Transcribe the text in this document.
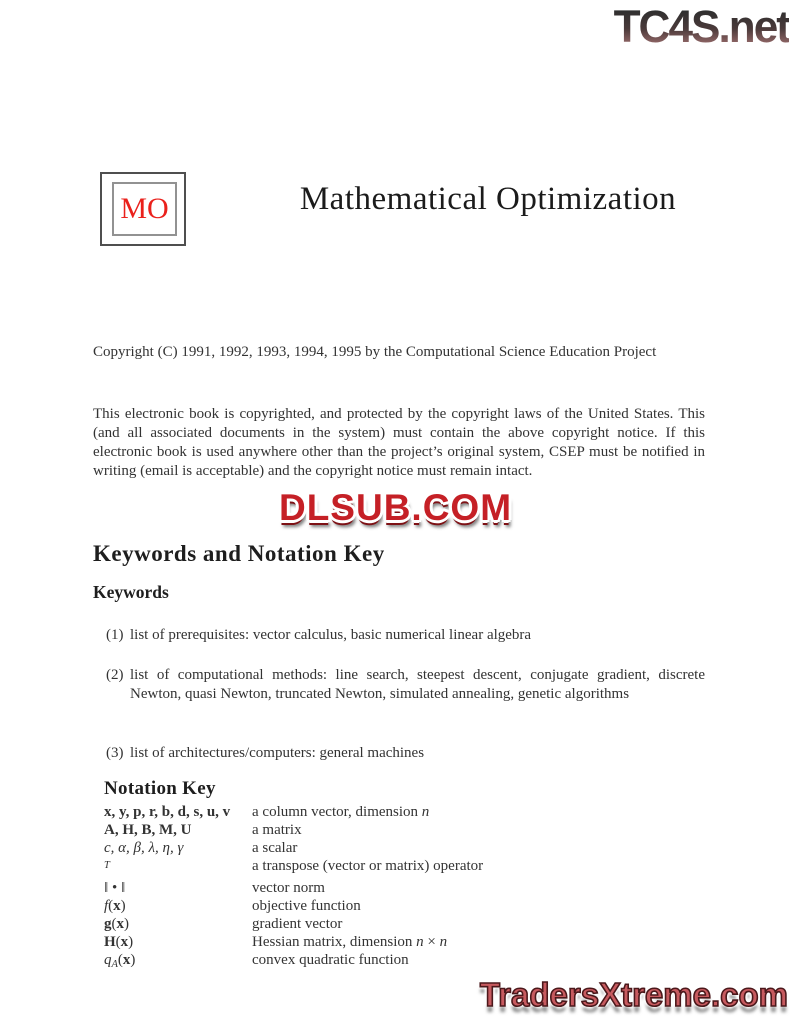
TC4S.net
MO	Mathematical Optimization

Copyright (C) 1991, 1992, 1993, 1994, 1995 by the Computational Science Education Project

This electronic book is copyrighted, and protected by the copyright laws of the United States. This (and all associated documents in the system) must contain the above copyright notice. If this electronic book is used anywhere other than the project’s original system, CSEP must be notified in writing (email is acceptable) and the copyright notice must remain intact.

DLSUB.COM
Keywords and Notation Key
Keywords
(1) list of prerequisites: vector calculus, basic numerical linear algebra
(2) list of computational methods: line search, steepest descent, conjugate gradient, discrete Newton, quasi Newton, truncated Newton, simulated annealing, genetic algorithms
(3) list of architectures/computers: general machines
Notation Key
x, y, p, r, b, d, s, u, v	a column vector, dimension n
A, H, B, M, U	a matrix
c, α, β, λ, η, γ	a scalar
$^T$	a transpose (vector or matrix) operator
‖ • ‖	vector norm
f(x)	objective function
g(x)	gradient vector
H(x)	Hessian matrix, dimension n × n
$q_A(x)$	convex quadratic function
TradersXtreme.com
